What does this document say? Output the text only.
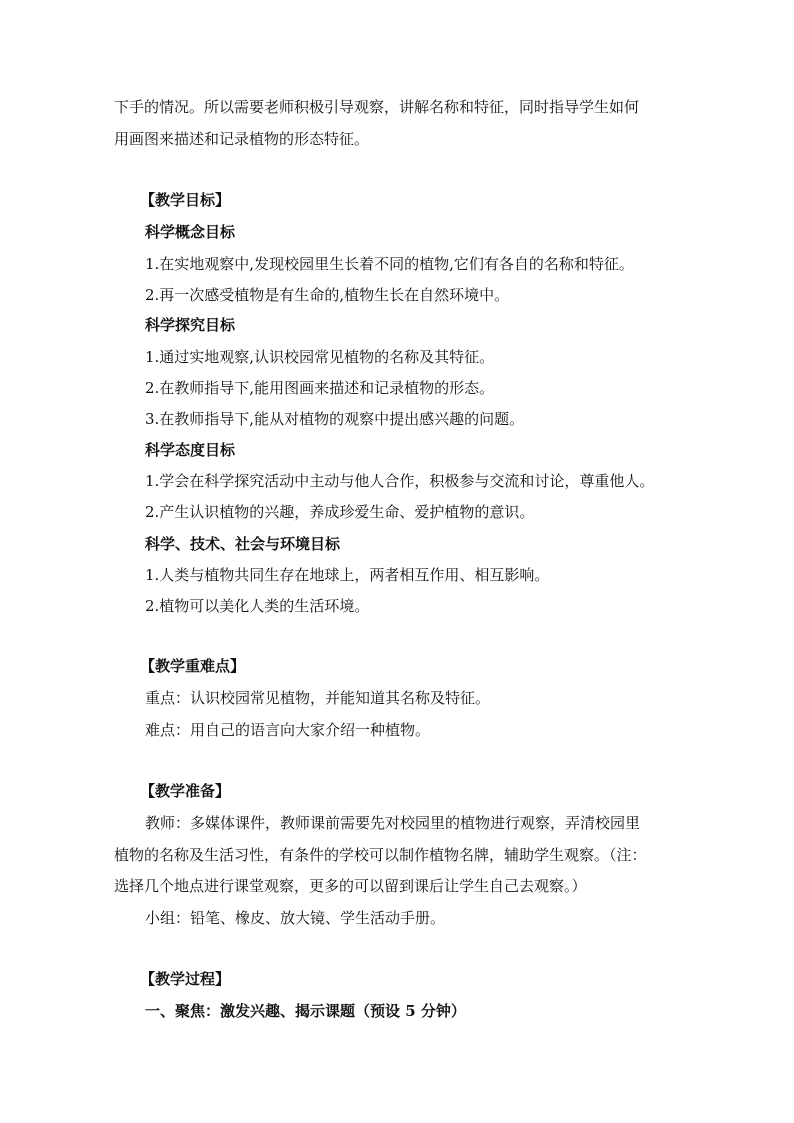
下手的情况。所以需要老师积极引导观察，讲解名称和特征，同时指导学生如何
用画图来描述和记录植物的形态特征。
【教学目标】
科学概念目标
1.在实地观察中,发现校园里生长着不同的植物,它们有各自的名称和特征。
2.再一次感受植物是有生命的,植物生长在自然环境中。
科学探究目标
1.通过实地观察,认识校园常见植物的名称及其特征。
2.在教师指导下,能用图画来描述和记录植物的形态。
3.在教师指导下,能从对植物的观察中提出感兴趣的问题。
科学态度目标
1.学会在科学探究活动中主动与他人合作，积极参与交流和讨论，尊重他人。
2.产生认识植物的兴趣，养成珍爱生命、爱护植物的意识。
科学、技术、社会与环境目标
1.人类与植物共同生存在地球上，两者相互作用、相互影响。
2.植物可以美化人类的生活环境。
【教学重难点】
重点：认识校园常见植物，并能知道其名称及特征。
难点：用自己的语言向大家介绍一种植物。
【教学准备】
教师：多媒体课件，教师课前需要先对校园里的植物进行观察，弄清校园里
植物的名称及生活习性，有条件的学校可以制作植物名牌，辅助学生观察。（注：
选择几个地点进行课堂观察，更多的可以留到课后让学生自己去观察。）
小组：铅笔、橡皮、放大镜、学生活动手册。
【教学过程】
一、聚焦：激发兴趣、揭示课题（预设 5 分钟）
